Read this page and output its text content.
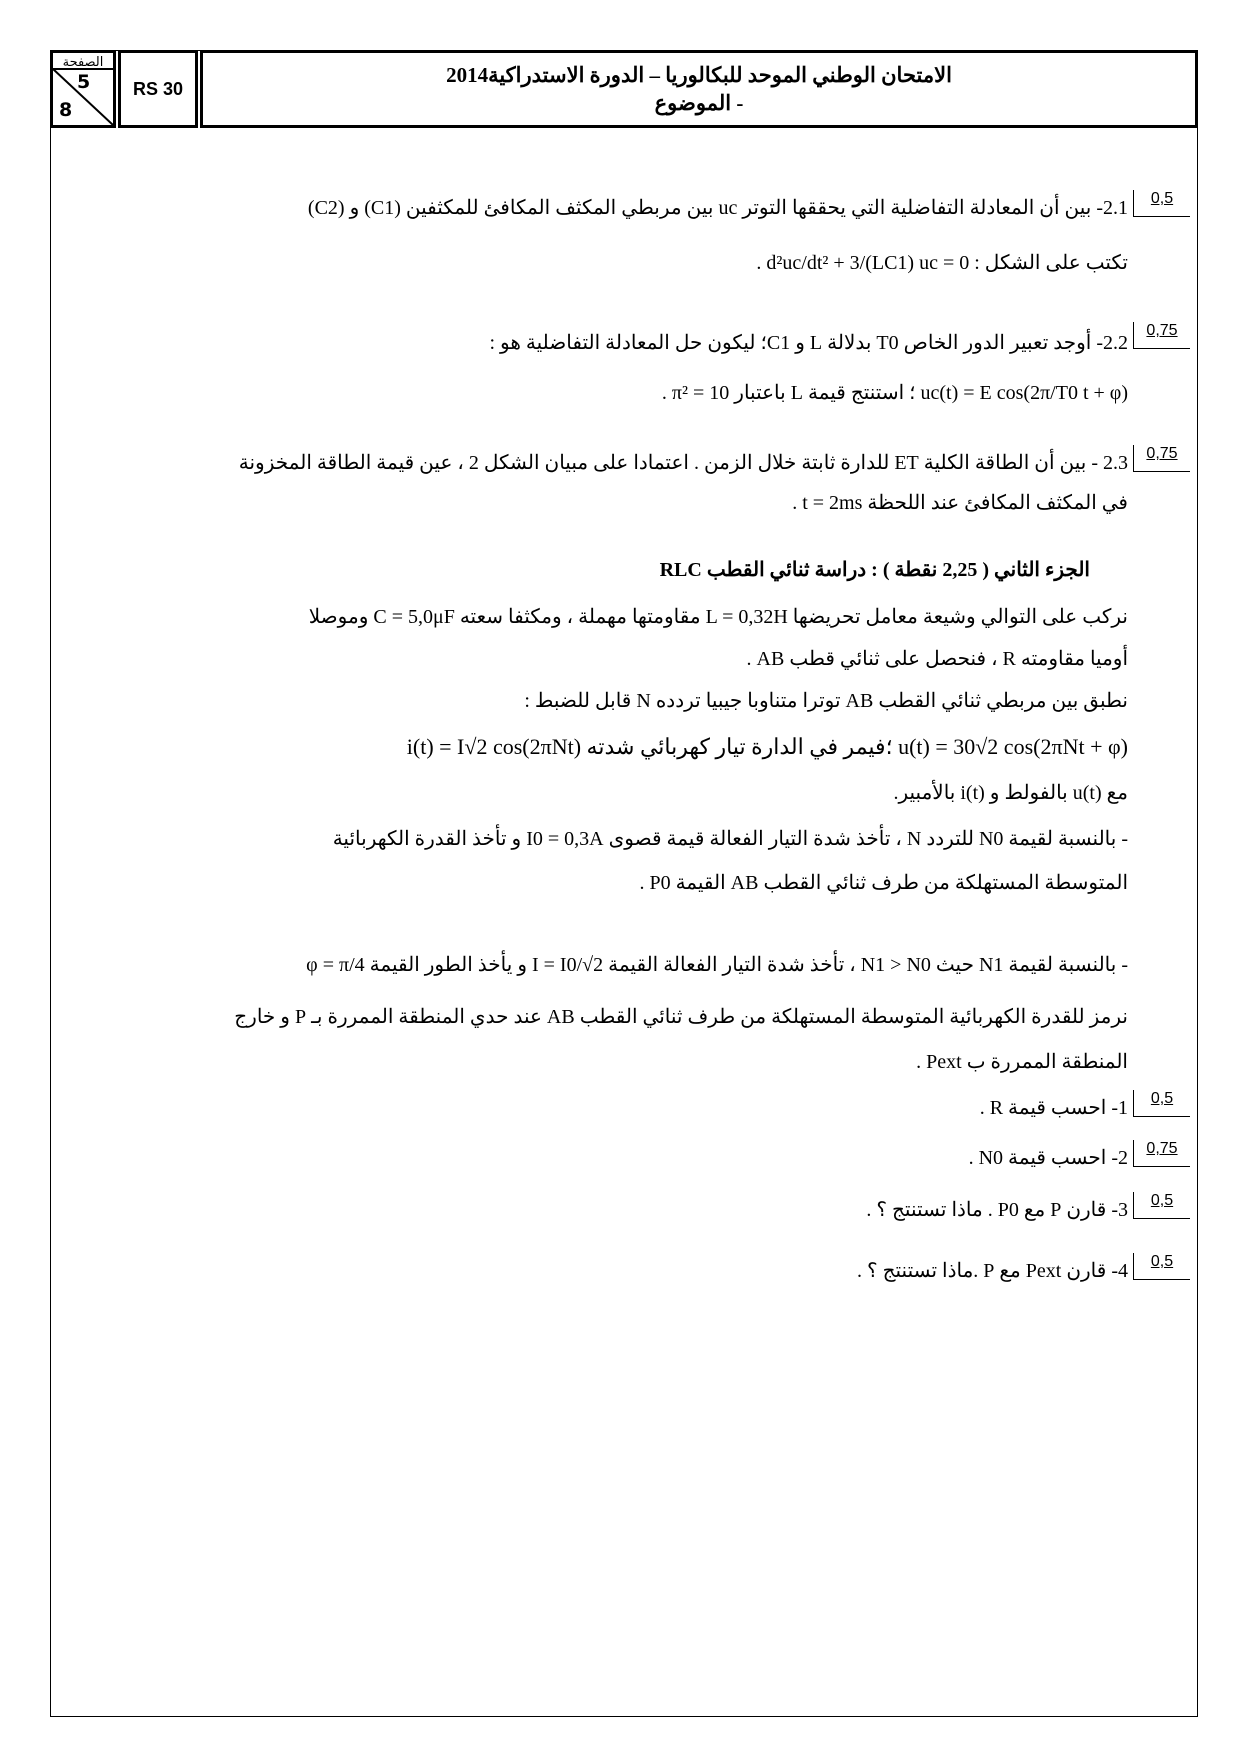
الصفحة
5
8
RS 30
الامتحان الوطني الموحد للبكالوريا – الدورة الاستدراكية2014
- الموضوع
0,5
2.1- بين أن المعادلة التفاضلية التي يحققها التوتر uc بين مربطي المكثف المكافئ للمكثفين (C1) و (C2)
تكتب على الشكل : d²uc/dt² + 3/(LC1) uc = 0 .
0,75
2.2- أوجد تعبير الدور الخاص T0 بدلالة L و C1؛ ليكون حل المعادلة التفاضلية هو :
uc(t) = E cos(2π/T0 t + φ) ؛ استنتج قيمة L باعتبار π² = 10 .
0,75
2.3 - بين أن الطاقة الكلية ET للدارة ثابتة خلال الزمن . اعتمادا على مبيان الشكل 2 ، عين قيمة الطاقة المخزونة
في المكثف المكافئ عند اللحظة t = 2ms .
الجزء الثاني ( 2,25 نقطة ) : دراسة ثنائي القطب RLC
نركب على التوالي وشيعة معامل تحريضها L = 0,32H مقاومتها مهملة ، ومكثفا سعته C = 5,0μF وموصلا
أوميا مقاومته R ، فنحصل على ثنائي قطب AB .
نطبق بين مربطي ثنائي القطب AB توترا متناوبا جيبيا تردده N قابل للضبط :
u(t) = 30√2 cos(2πNt + φ) ؛فيمر في الدارة تيار كهربائي شدته i(t) = I√2 cos(2πNt)
مع u(t) بالفولط و i(t) بالأمبير.
- بالنسبة لقيمة N0 للتردد N ، تأخذ شدة التيار الفعالة قيمة قصوى I0 = 0,3A و تأخذ القدرة الكهربائية
المتوسطة المستهلكة من طرف ثنائي القطب AB القيمة P0 .
- بالنسبة لقيمة N1 حيث N1 > N0 ، تأخذ شدة التيار الفعالة القيمة I = I0/√2 و يأخذ الطور القيمة φ = π/4
نرمز للقدرة الكهربائية المتوسطة المستهلكة من طرف ثنائي القطب AB عند حدي المنطقة الممررة بـ P و خارج
المنطقة الممررة ب Pext .
0,5
1- احسب قيمة R .
0,75
2- احسب قيمة N0 .
0,5
3- قارن P مع P0 . ماذا تستنتج ؟ .
0,5
4- قارن Pext مع P .ماذا تستنتج ؟ .
